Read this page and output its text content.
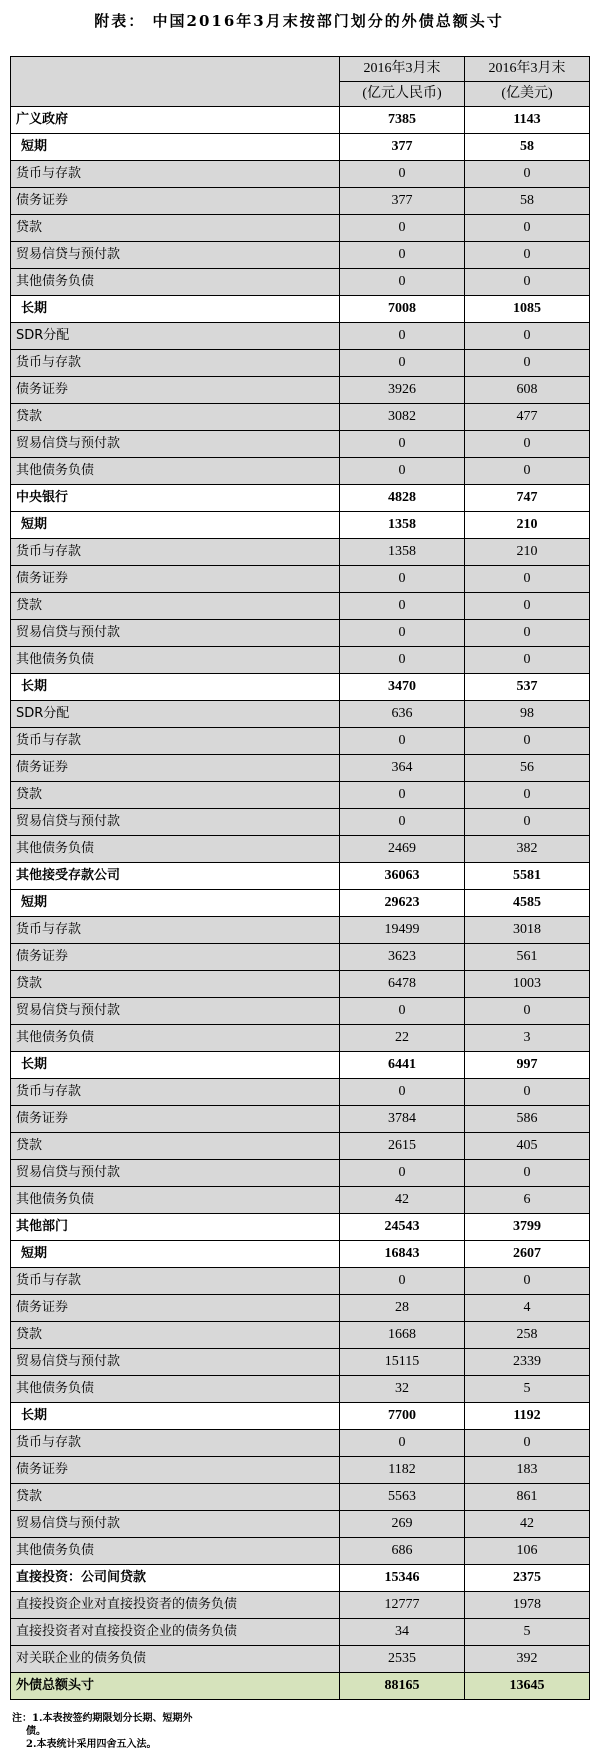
附表： 中国2016年3月末按部门划分的外债总额头寸
	2016年3月末	2016年3月末
	(亿元人民币)	(亿美元)
广义政府	7385	1143
短期	377	58
货币与存款	0	0
债务证券	377	58
贷款	0	0
贸易信贷与预付款	0	0
其他债务负债	0	0
长期	7008	1085
SDR分配	0	0
货币与存款	0	0
债务证券	3926	608
贷款	3082	477
贸易信贷与预付款	0	0
其他债务负债	0	0
中央银行	4828	747
短期	1358	210
货币与存款	1358	210
债务证券	0	0
贷款	0	0
贸易信贷与预付款	0	0
其他债务负债	0	0
长期	3470	537
SDR分配	636	98
货币与存款	0	0
债务证券	364	56
贷款	0	0
贸易信贷与预付款	0	0
其他债务负债	2469	382
其他接受存款公司	36063	5581
短期	29623	4585
货币与存款	19499	3018
债务证券	3623	561
贷款	6478	1003
贸易信贷与预付款	0	0
其他债务负债	22	3
长期	6441	997
货币与存款	0	0
债务证券	3784	586
贷款	2615	405
贸易信贷与预付款	0	0
其他债务负债	42	6
其他部门	24543	3799
短期	16843	2607
货币与存款	0	0
债务证券	28	4
贷款	1668	258
贸易信贷与预付款	15115	2339
其他债务负债	32	5
长期	7700	1192
货币与存款	0	0
债务证券	1182	183
贷款	5563	861
贸易信贷与预付款	269	42
其他债务负债	686	106
直接投资：公司间贷款	15346	2375
直接投资企业对直接投资者的债务负债	12777	1978
直接投资者对直接投资企业的债务负债	34	5
对关联企业的债务负债	2535	392
外债总额头寸	88165	13645
注：1.本表按签约期限划分长期、短期外
债。
2.本表统计采用四舍五入法。
